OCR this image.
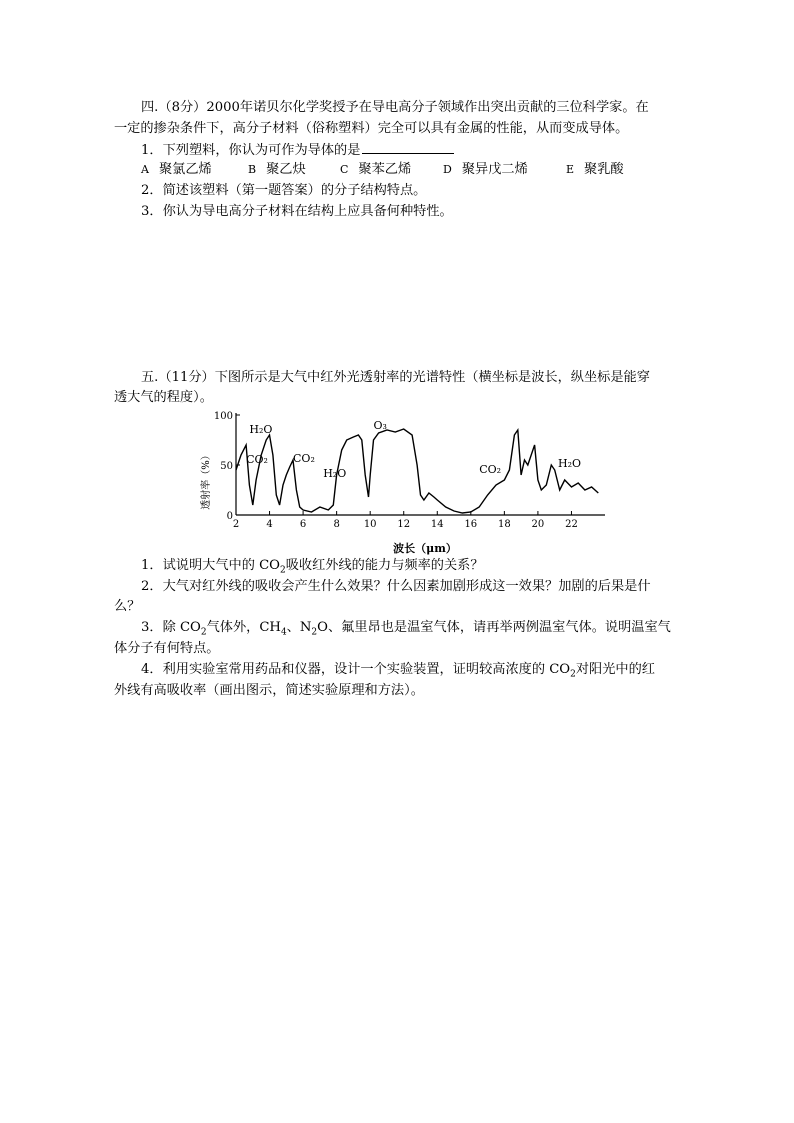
四.（8分）2000年诺贝尔化学奖授予在导电高分子领域作出突出贡献的三位科学家。在
一定的掺杂条件下，高分子材料（俗称塑料）完全可以具有金属的性能，从而变成导体。
1．下列塑料，你认为可作为导体的是
A 聚氯乙烯	B 聚乙炔	C 聚苯乙烯	D 聚异戊二烯	E 聚乳酸
2．简述该塑料（第一题答案）的分子结构特点。
3．你认为导电高分子材料在结构上应具备何种特性。
五.（11分）下图所示是大气中红外光透射率的光谱特性（横坐标是波长，纵坐标是能穿
透大气的程度）。
0
50
100
2	4	6	8 10 12 14 16 18 20 22
H₂O
CO₂ CO₂
H₂O
O₃
CO₂	H₂O
透射率（%）
波长（μm）
1．试说明大气中的 $CO_2$吸收红外线的能力与频率的关系？
2．大气对红外线的吸收会产生什么效果？什么因素加剧形成这一效果？加剧的后果是什
么？
3．除 $CO_2$气体外，$CH_4$、$N_2O$、氟里昂也是温室气体，请再举两例温室气体。说明温室气
体分子有何特点。
4．利用实验室常用药品和仪器，设计一个实验装置，证明较高浓度的 $CO_2$对阳光中的红
外线有高吸收率（画出图示，简述实验原理和方法）。
